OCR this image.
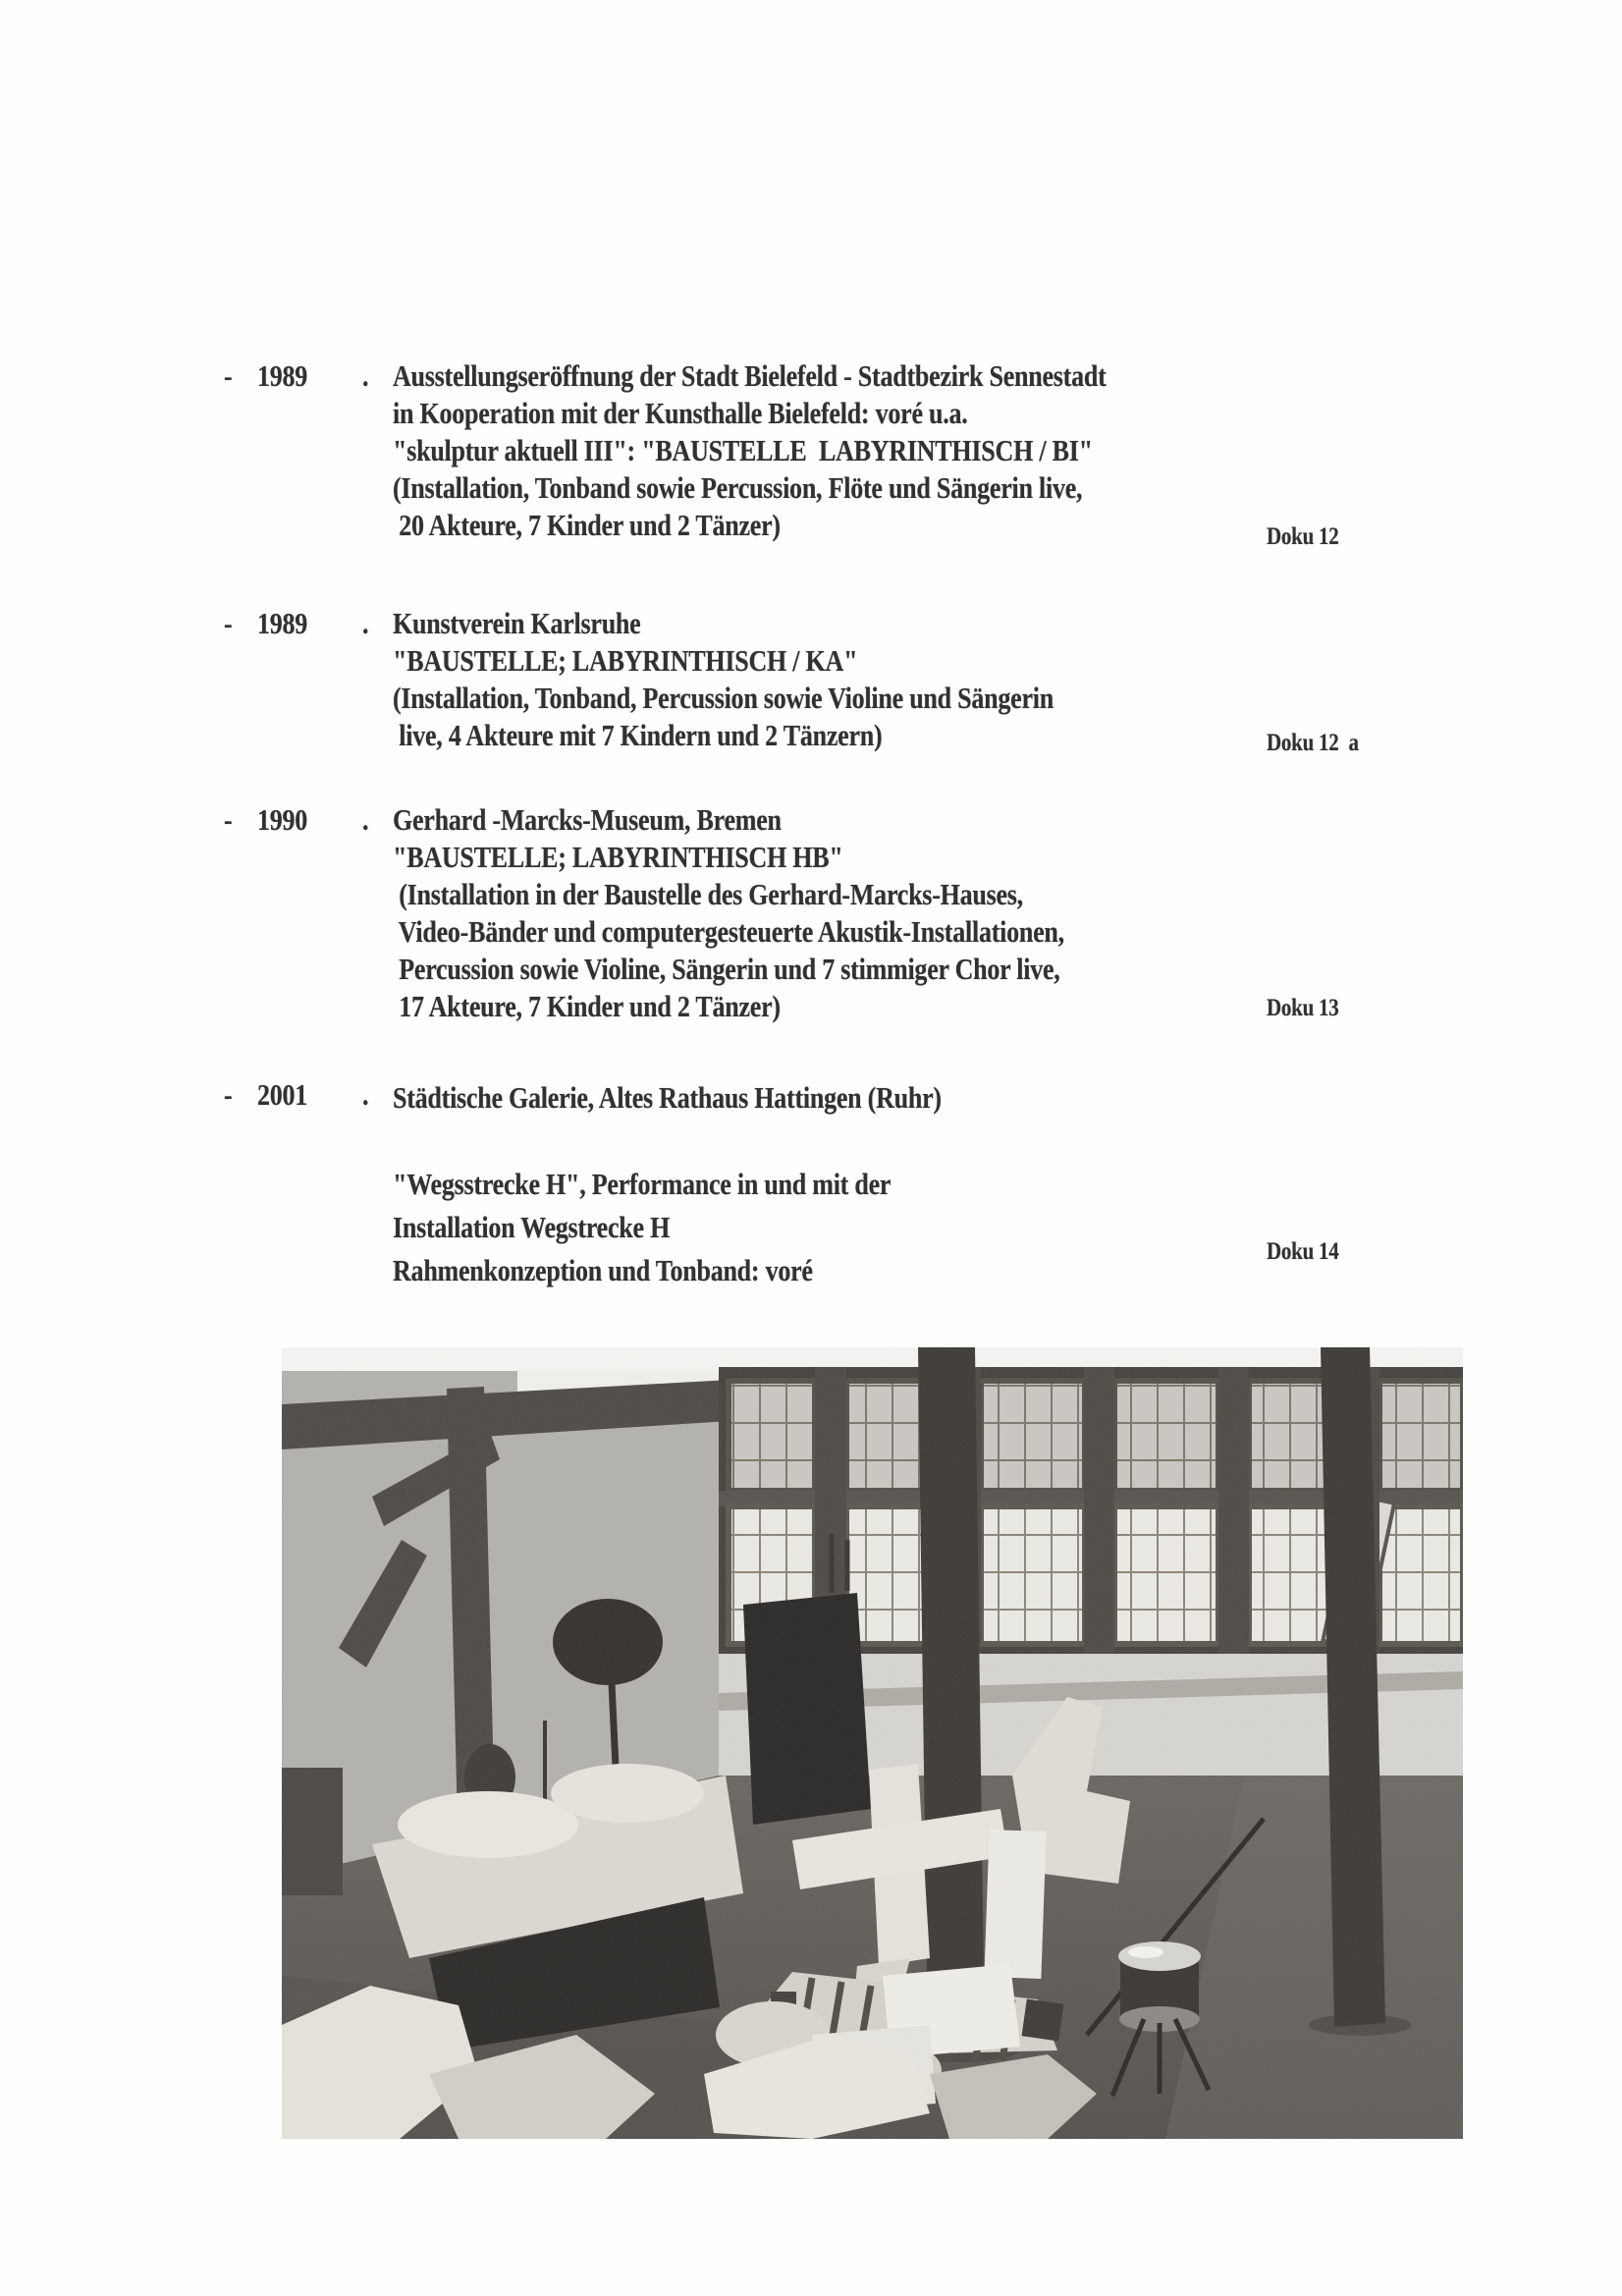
- 1989 . Ausstellungseröffnung der Stadt Bielefeld - Stadtbezirk Sennestadt
in Kooperation mit der Kunsthalle Bielefeld: voré u.a.
"skulptur aktuell III": "BAUSTELLE  LABYRINTHISCH / BI"
(Installation, Tonband sowie Percussion, Flöte und Sängerin live,
20 Akteure, 7 Kinder und 2 Tänzer)	Doku 12
- 1989 . Kunstverein Karlsruhe
"BAUSTELLE; LABYRINTHISCH / KA"
(Installation, Tonband, Percussion sowie Violine und Sängerin
live, 4 Akteure mit 7 Kindern und 2 Tänzern)	Doku 12  a
- 1990 . Gerhard -Marcks-Museum, Bremen
"BAUSTELLE; LABYRINTHISCH HB"
(Installation in der Baustelle des Gerhard-Marcks-Hauses,
Video-Bänder und computergesteuerte Akustik-Installationen,
Percussion sowie Violine, Sängerin und 7 stimmiger Chor live,
17 Akteure, 7 Kinder und 2 Tänzer)	Doku 13
- 2001 . Städtische Galerie, Altes Rathaus Hattingen (Ruhr)
"Wegsstrecke H", Performance in und mit der
Installation Wegstrecke H
Rahmenkonzeption und Tonband: voré
Doku 14
